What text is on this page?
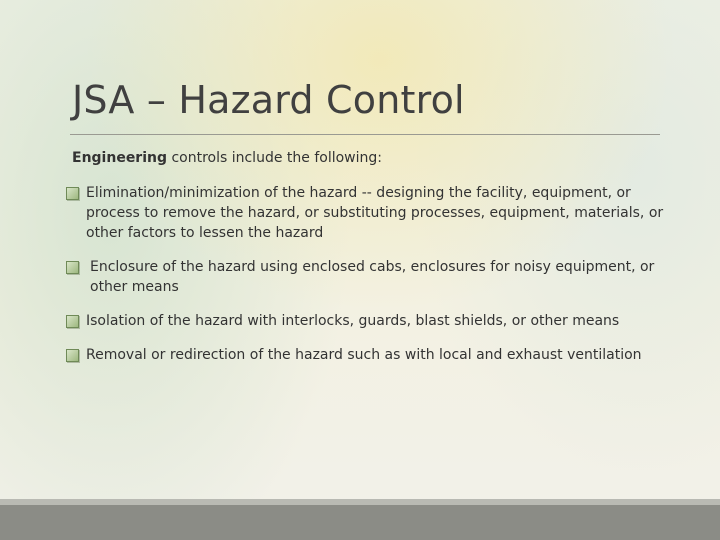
JSA – Hazard Control
Engineering controls include the following:
Elimination/minimization of the hazard -- designing the facility, equipment, or process to remove the hazard, or substituting processes, equipment, materials, or other factors to lessen the hazard
Enclosure of the hazard using enclosed cabs, enclosures for noisy equipment, or other means
Isolation of the hazard with interlocks, guards, blast shields, or other means
Removal or redirection of the hazard such as with local and exhaust ventilation
